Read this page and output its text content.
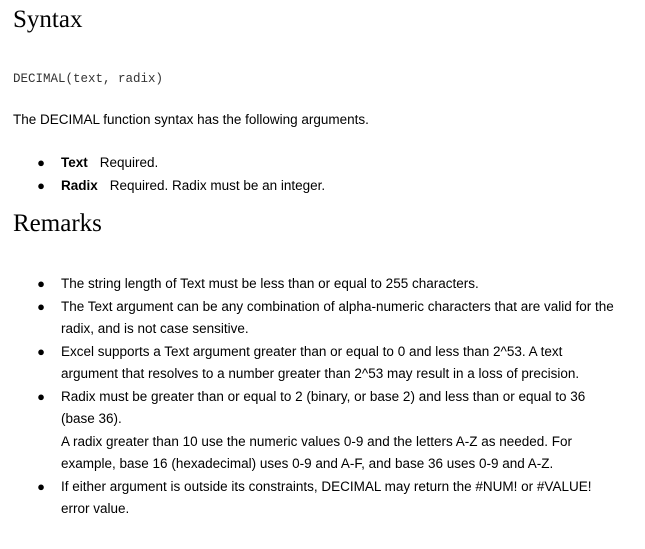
Syntax
DECIMAL(text, radix)
The DECIMAL function syntax has the following arguments.
●	Text Required.
●	Radix Required. Radix must be an integer.
Remarks
●	The string length of Text must be less than or equal to 255 characters.
●	The Text argument can be any combination of alpha-numeric characters that are valid for the radix, and is not case sensitive.
●	Excel supports a Text argument greater than or equal to 0 and less than 2^53. A text argument that resolves to a number greater than 2^53 may result in a loss of precision.
●	Radix must be greater than or equal to 2 (binary, or base 2) and less than or equal to 36 (base 36).
A radix greater than 10 use the numeric values 0-9 and the letters A-Z as needed. For example, base 16 (hexadecimal) uses 0-9 and A-F, and base 36 uses 0-9 and A-Z.
●	If either argument is outside its constraints, DECIMAL may return the #NUM! or #VALUE! error value.
